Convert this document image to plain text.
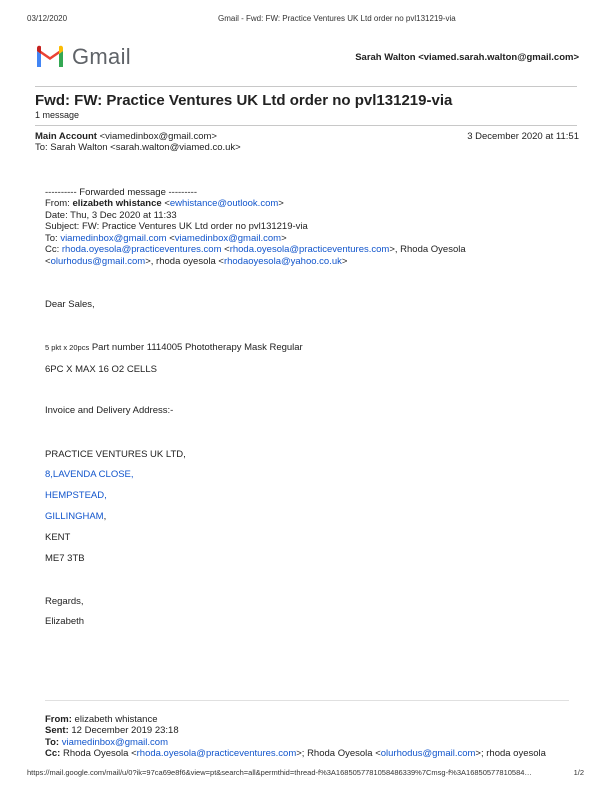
03/12/2020	Gmail - Fwd: FW: Practice Ventures UK Ltd order no pvl131219-via
Gmail	Sarah Walton <viamed.sarah.walton@gmail.com>
Fwd: FW: Practice Ventures UK Ltd order no pvl131219-via
1 message
Main Account <viamedinbox@gmail.com>	3 December 2020 at 11:51
To: Sarah Walton <sarah.walton@viamed.co.uk>
---------- Forwarded message ---------
From: elizabeth whistance <ewhistance@outlook.com>
Date: Thu, 3 Dec 2020 at 11:33
Subject: FW: Practice Ventures UK Ltd order no pvl131219-via
To: viamedinbox@gmail.com <viamedinbox@gmail.com>
Cc: rhoda.oyesola@practiceventures.com <rhoda.oyesola@practiceventures.com>, Rhoda Oyesola
<olurhodus@gmail.com>, rhoda oyesola <rhodaoyesola@yahoo.co.uk>
Dear Sales,
5 pkt x 20pcs Part number 1114005 Phototherapy Mask Regular
6PC X MAX 16 O2 CELLS
Invoice and Delivery Address:-
PRACTICE VENTURES UK LTD,
8,LAVENDA CLOSE,
HEMPSTEAD,
GILLINGHAM,
KENT
ME7 3TB
Regards,
Elizabeth
From: elizabeth whistance
Sent: 12 December 2019 23:18
To: viamedinbox@gmail.com
Cc: Rhoda Oyesola <rhoda.oyesola@practiceventures.com>; Rhoda Oyesola <olurhodus@gmail.com>; rhoda oyesola
https://mail.google.com/mail/u/0?ik=97ca69e8f6&view=pt&search=all&permthid=thread-f%3A1685057781058486339%7Cmsg-f%3A16850577810584…	1/2
